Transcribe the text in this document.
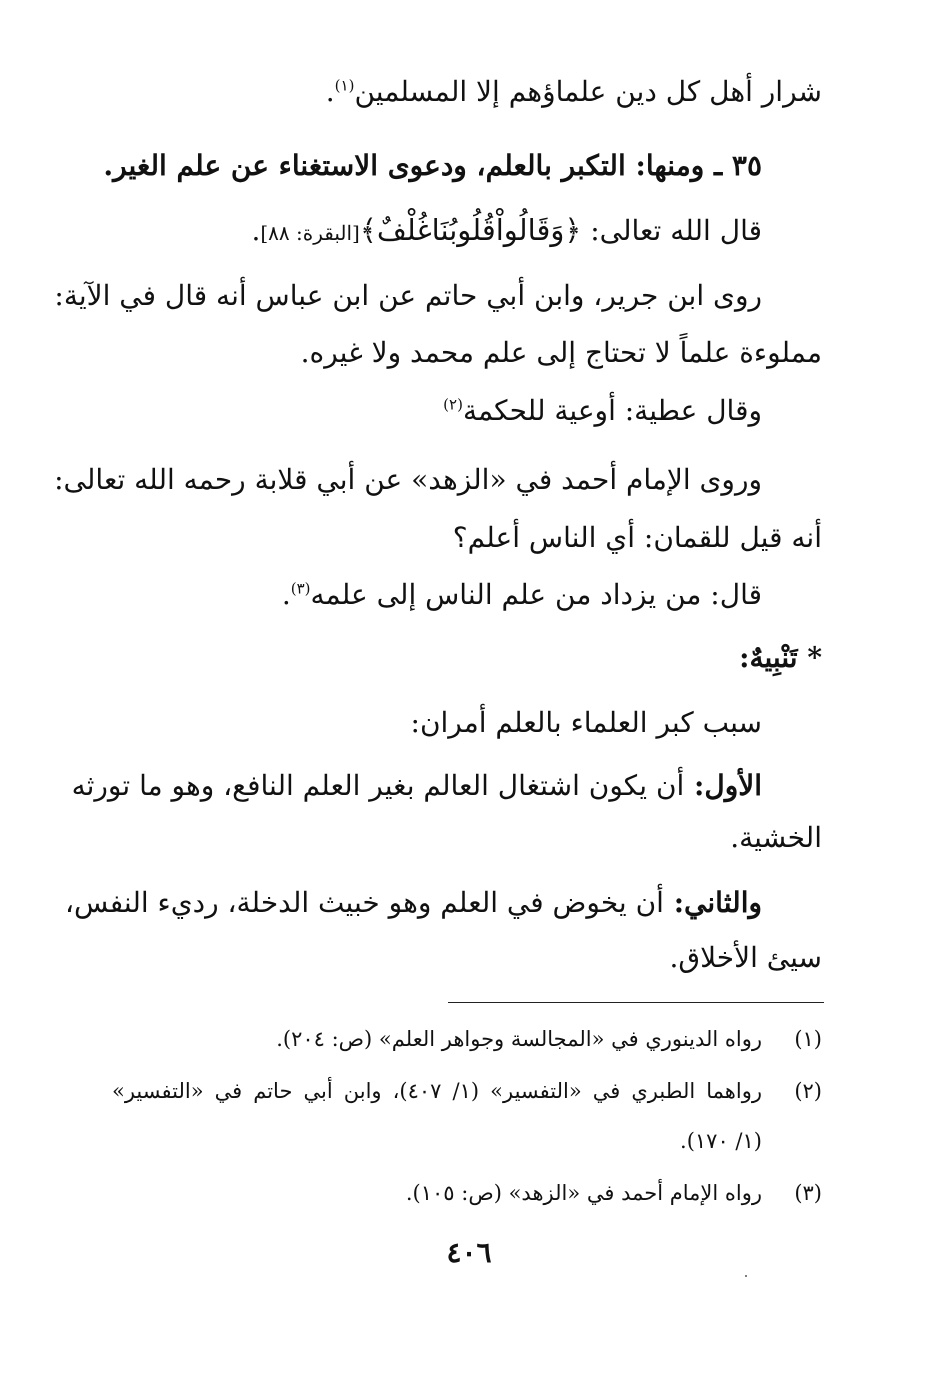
شرار أهل كل دين علماؤهم إلا المسلمين$^{(١)}$.
٣٥ ـ ومنها: التكبر بالعلم، ودعوى الاستغناء عن علم الغير.
قال الله تعالى: ﴿وَقَالُواْقُلُوبُنَاغُلْفٌ﴾[البقرة: ٨٨].
روى ابن جرير، وابن أبي حاتم عن ابن عباس أنه قال في الآية:
مملوءة علماً لا تحتاج إلى علم محمد ولا غيره.
وقال عطية: أوعية للحكمة$^{(٢)}$
وروى الإمام أحمد في «الزهد» عن أبي قلابة رحمه الله تعالى:
أنه قيل للقمان: أي الناس أعلم؟
قال: من يزداد من علم الناس إلى علمه$^{(٣)}$.
* تَنْبِيهٌ:
سبب كبر العلماء بالعلم أمران:
الأول: أن يكون اشتغال العالم بغير العلم النافع، وهو ما تورثه
الخشية.
والثاني: أن يخوض في العلم وهو خبيث الدخلة، رديء النفس،
سيئ الأخلاق.
(١)
رواه الدينوري في «المجالسة وجواهر العلم» (ص: ٢٠٤).
(٢)
رواهما الطبري في «التفسير» (١/ ٤٠٧)، وابن أبي حاتم في «التفسير»
(١/ ١٧٠).
(٣)
رواه الإمام أحمد في «الزهد» (ص: ١٠٥).
٤٠٦
